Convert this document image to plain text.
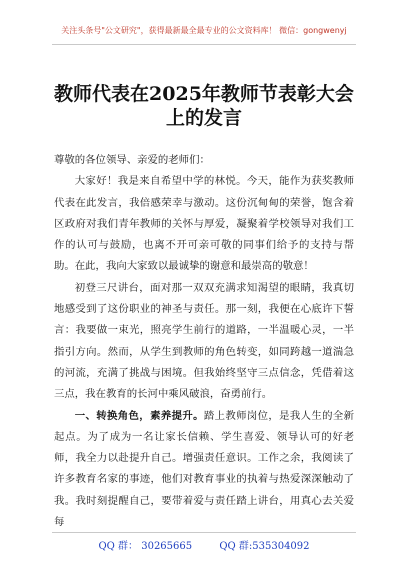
关注头条号"公文研究"，获得最新最全最专业的公文资料库！ 微信：gongwenyj
教师代表在2025年教师节表彰大会上的发言

尊敬的各位领导、亲爱的老师们：

大家好！我是来自希望中学的林悦。今天，能作为获奖教师代表在此发言，我倍感荣幸与激动。这份沉甸甸的荣誉，饱含着区政府对我们青年教师的关怀与厚爱，凝聚着学校领导对我们工作的认可与鼓励，也离不开可亲可敬的同事们给予的支持与帮助。在此，我向大家致以最诚挚的谢意和最崇高的敬意！

初登三尺讲台，面对那一双双充满求知渴望的眼睛，我真切地感受到了这份职业的神圣与责任。那一刻，我便在心底许下誓言：我要做一束光，照亮学生前行的道路，一半温暖心灵，一半指引方向。然而，从学生到教师的角色转变，如同跨越一道湍急的河流，充满了挑战与困境。但我始终坚守三点信念，凭借着这三点，我在教育的长河中乘风破浪，奋勇前行。

一、转换角色，素养提升。踏上教师岗位，是我人生的全新起点。为了成为一名让家长信赖、学生喜爱、领导认可的好老师，我全力以赴提升自己。增强责任意识。工作之余，我阅读了许多教育名家的事迹，他们对教育事业的执着与热爱深深触动了我。我时刻提醒自己，要带着爱与责任踏上讲台，用真心去关爱每

QQ 群： 30265665	QQ 群:535304092
